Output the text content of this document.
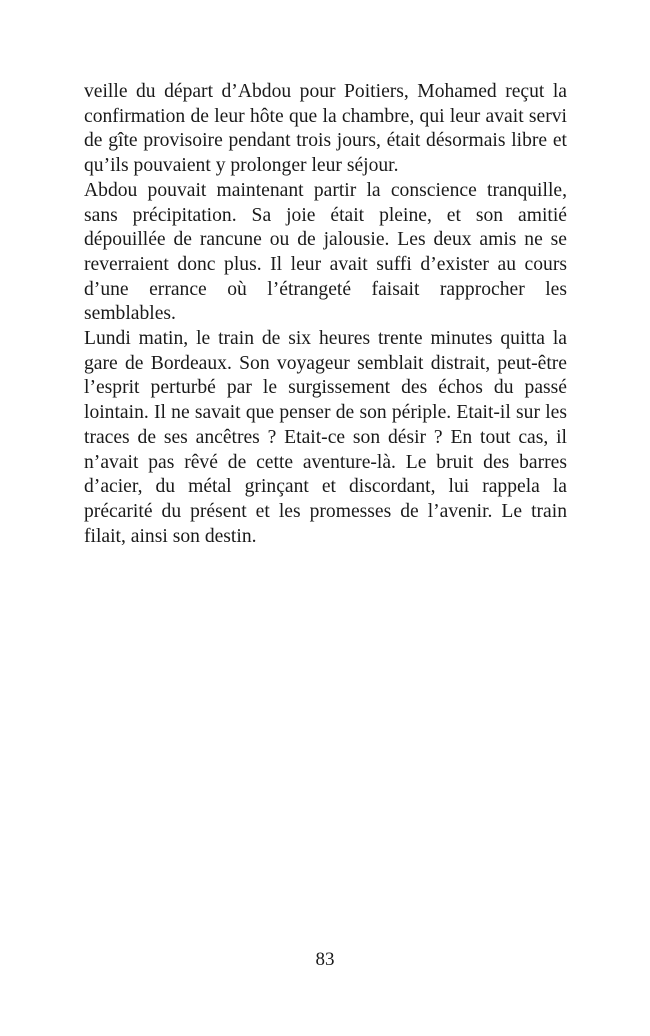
veille du départ d’Abdou pour Poitiers, Mohamed reçut la confirmation de leur hôte que la chambre, qui leur avait servi de gîte provisoire pendant trois jours, était désormais libre et qu’ils pouvaient y prolonger leur séjour.

Abdou pouvait maintenant partir la conscience tranquille, sans précipitation. Sa joie était pleine, et son amitié dépouillée de rancune ou de jalousie. Les deux amis ne se reverraient donc plus. Il leur avait suffi d’exister au cours d’une errance où l’étrangeté faisait rapprocher les semblables.

Lundi matin, le train de six heures trente minutes quitta la gare de Bordeaux. Son voyageur semblait distrait, peut-être l’esprit perturbé par le surgissement des échos du passé lointain. Il ne savait que penser de son périple. Etait-il sur les traces de ses ancêtres ? Etait-ce son désir ? En tout cas, il n’avait pas rêvé de cette aventure-là. Le bruit des barres d’acier, du métal grinçant et discordant, lui rappela la précarité du présent et les promesses de l’avenir. Le train filait, ainsi son destin.

83
